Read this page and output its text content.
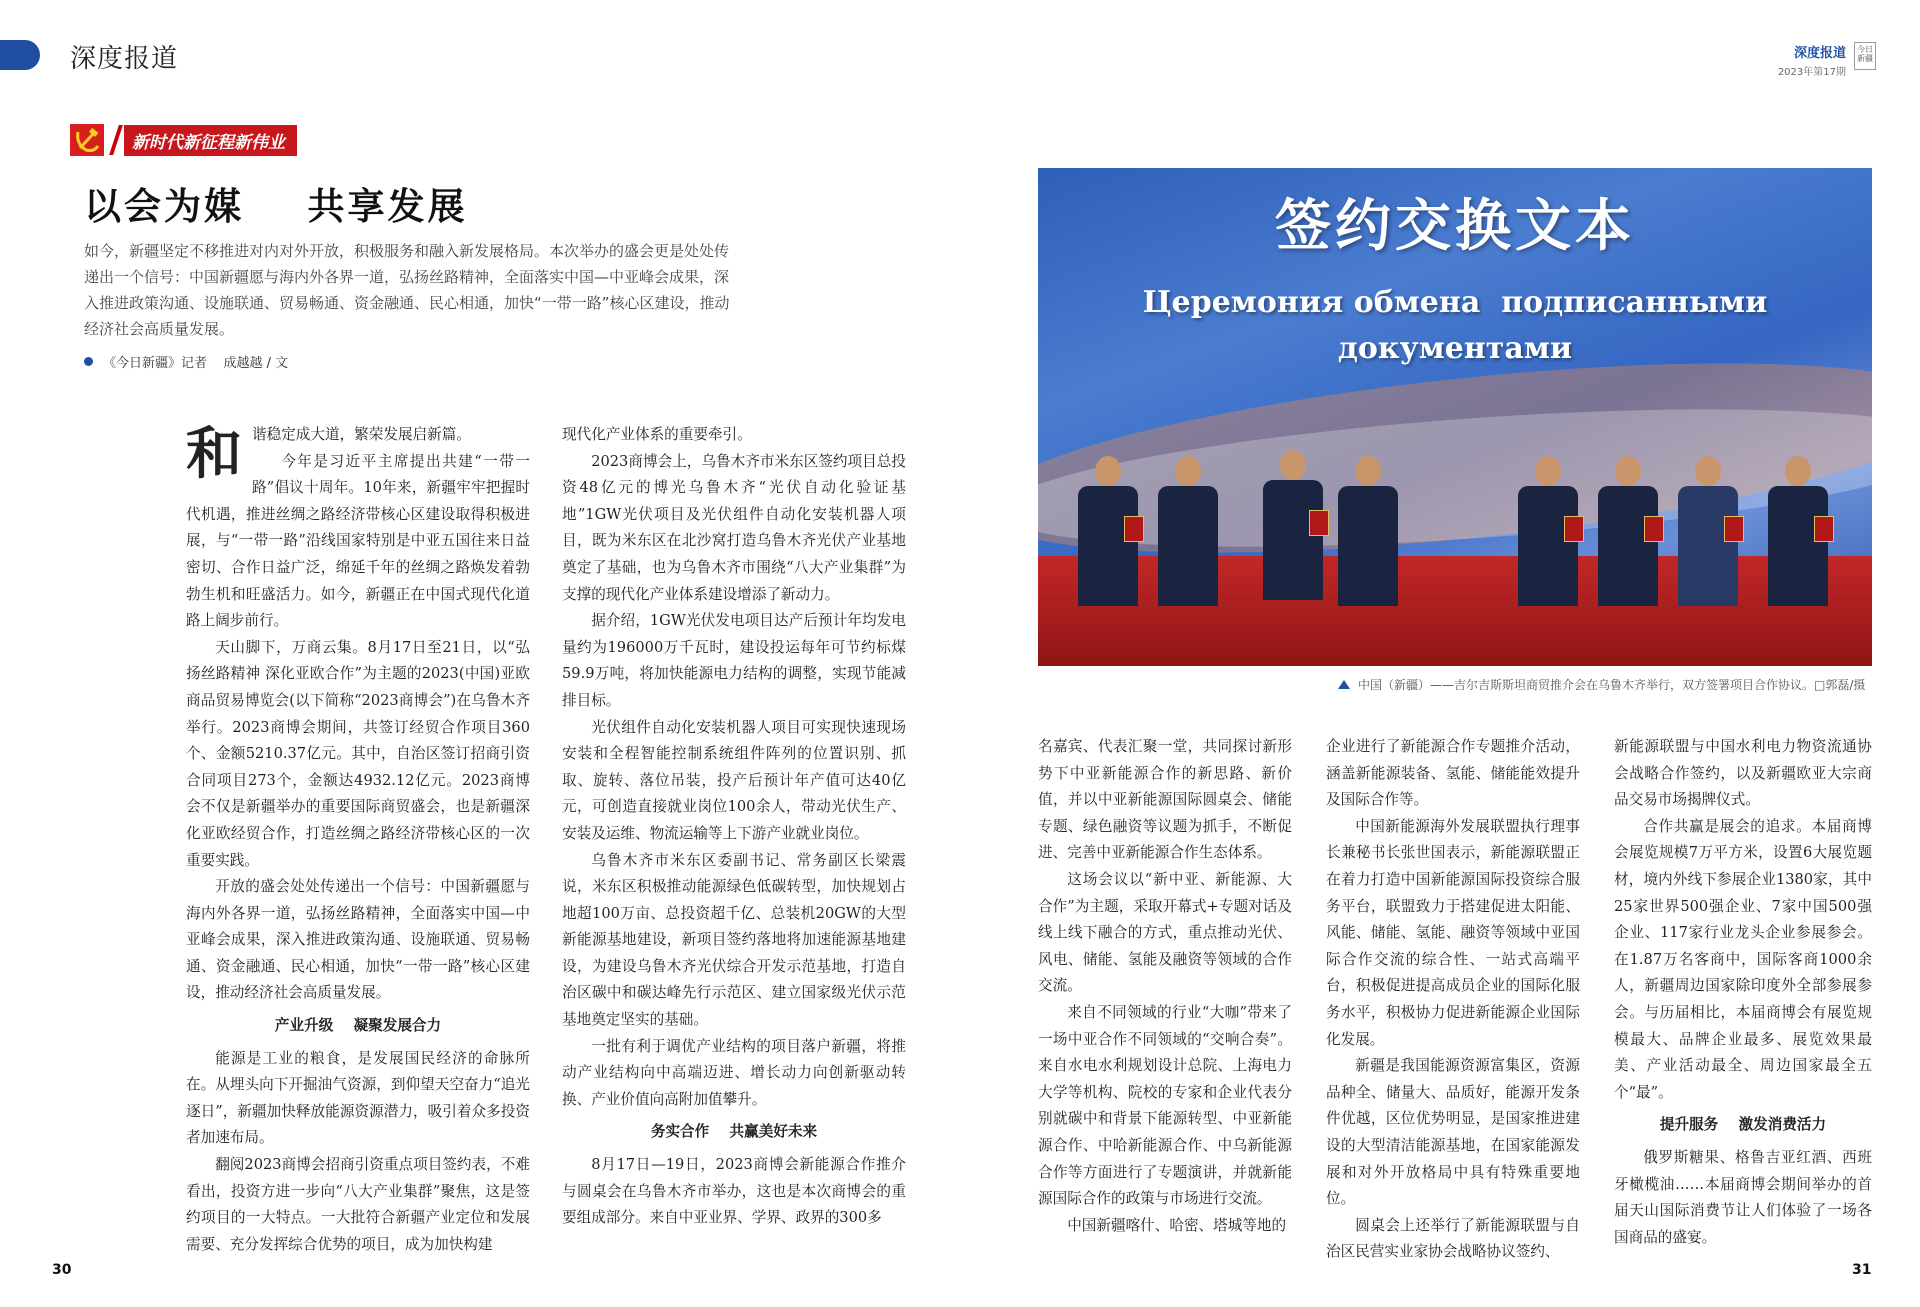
深度报道	深度报道
2023年第17期
今日新疆
新时代新征程新伟业
以会为媒    共享发展
如今，新疆坚定不移推进对内对外开放，积极服务和融入新发展格局。本次举办的盛会更是处处传递出一个信号：中国新疆愿与海内外各界一道，弘扬丝路精神，全面落实中国—中亚峰会成果，深入推进政策沟通、设施联通、贸易畅通、资金融通、民心相通，加快“一带一路”核心区建设，推动经济社会高质量发展。
《今日新疆》记者    成越越 / 文
和 谐稳定成大道，繁荣发展启新篇。

今年是习近平主席提出共建“一带一路”倡议十周年。10年来，新疆牢牢把握时代机遇，推进丝绸之路经济带核心区建设取得积极进展，与“一带一路”沿线国家特别是中亚五国往来日益密切、合作日益广泛，绵延千年的丝绸之路焕发着勃勃生机和旺盛活力。如今，新疆正在中国式现代化道路上阔步前行。

天山脚下，万商云集。8月17日至21日，以“弘扬丝路精神 深化亚欧合作”为主题的2023(中国)亚欧商品贸易博览会(以下简称“2023商博会”)在乌鲁木齐举行。2023商博会期间，共签订经贸合作项目360个、金额5210.37亿元。其中，自治区签订招商引资合同项目273个，金额达4932.12亿元。2023商博会不仅是新疆举办的重要国际商贸盛会，也是新疆深化亚欧经贸合作，打造丝绸之路经济带核心区的一次重要实践。

开放的盛会处处传递出一个信号：中国新疆愿与海内外各界一道，弘扬丝路精神，全面落实中国—中亚峰会成果，深入推进政策沟通、设施联通、贸易畅通、资金融通、民心相通，加快“一带一路”核心区建设，推动经济社会高质量发展。

产业升级    凝聚发展合力

能源是工业的粮食，是发展国民经济的命脉所在。从埋头向下开掘油气资源，到仰望天空奋力“追光逐日”，新疆加快释放能源资源潜力，吸引着众多投资者加速布局。

翻阅2023商博会招商引资重点项目签约表，不难看出，投资方进一步向“八大产业集群”聚焦，这是签约项目的一大特点。一大批符合新疆产业定位和发展需要、充分发挥综合优势的项目，成为加快构建

现代化产业体系的重要牵引。

2023商博会上，乌鲁木齐市米东区签约项目总投资48亿元的博光乌鲁木齐“光伏自动化验证基地”1GW光伏项目及光伏组件自动化安装机器人项目，既为米东区在北沙窝打造乌鲁木齐光伏产业基地奠定了基础，也为乌鲁木齐市围绕“八大产业集群”为支撑的现代化产业体系建设增添了新动力。

据介绍，1GW光伏发电项目达产后预计年均发电量约为196000万千瓦时，建设投运每年可节约标煤59.9万吨，将加快能源电力结构的调整，实现节能减排目标。

光伏组件自动化安装机器人项目可实现快速现场安装和全程智能控制系统组件阵列的位置识别、抓取、旋转、落位吊装，投产后预计年产值可达40亿元，可创造直接就业岗位100余人，带动光伏生产、安装及运维、物流运输等上下游产业就业岗位。

乌鲁木齐市米东区委副书记、常务副区长梁震说，米东区积极推动能源绿色低碳转型，加快规划占地超100万亩、总投资超千亿、总装机20GW的大型新能源基地建设，新项目签约落地将加速能源基地建设，为建设乌鲁木齐光伏综合开发示范基地，打造自治区碳中和碳达峰先行示范区、建立国家级光伏示范基地奠定坚实的基础。

一批有利于调优产业结构的项目落户新疆，将推动产业结构向中高端迈进、增长动力向创新驱动转换、产业价值向高附加值攀升。

务实合作    共赢美好未来

8月17日—19日，2023商博会新能源合作推介与圆桌会在乌鲁木齐市举办，这也是本次商博会的重要组成部分。来自中亚业界、学界、政界的300多

签约交换文本
Церемония обмена  подписанными
документами
中国（新疆）——吉尔吉斯斯坦商贸推介会在乌鲁木齐举行，双方签署项目合作协议。□郭磊/摄

名嘉宾、代表汇聚一堂，共同探讨新形势下中亚新能源合作的新思路、新价值，并以中亚新能源国际圆桌会、储能专题、绿色融资等议题为抓手，不断促进、完善中亚新能源合作生态体系。

这场会议以“新中亚、新能源、大合作”为主题，采取开幕式+专题对话及线上线下融合的方式，重点推动光伏、风电、储能、氢能及融资等领域的合作交流。

来自不同领域的行业“大咖”带来了一场中亚合作不同领域的“交响合奏”。来自水电水利规划设计总院、上海电力大学等机构、院校的专家和企业代表分别就碳中和背景下能源转型、中亚新能源合作、中哈新能源合作、中乌新能源合作等方面进行了专题演讲，并就新能源国际合作的政策与市场进行交流。

中国新疆喀什、哈密、塔城等地的

企业进行了新能源合作专题推介活动，涵盖新能源装备、氢能、储能能效提升及国际合作等。

中国新能源海外发展联盟执行理事长兼秘书长张世国表示，新能源联盟正在着力打造中国新能源国际投资综合服务平台，联盟致力于搭建促进太阳能、风能、储能、氢能、融资等领域中亚国际合作交流的综合性、一站式高端平台，积极促进提高成员企业的国际化服务水平，积极协力促进新能源企业国际化发展。

新疆是我国能源资源富集区，资源品种全、储量大、品质好，能源开发条件优越，区位优势明显，是国家推进建设的大型清洁能源基地，在国家能源发展和对外开放格局中具有特殊重要地位。

圆桌会上还举行了新能源联盟与自治区民营实业家协会战略协议签约、

新能源联盟与中国水利电力物资流通协会战略合作签约，以及新疆欧亚大宗商品交易市场揭牌仪式。

合作共赢是展会的追求。本届商博会展览规模7万平方米，设置6大展览题材，境内外线下参展企业1380家，其中25家世界500强企业、7家中国500强企业、117家行业龙头企业参展参会。在1.87万名客商中，国际客商1000余人，新疆周边国家除印度外全部参展参会。与历届相比，本届商博会有展览规模最大、品牌企业最多、展览效果最美、产业活动最全、周边国家最全五个“最”。

提升服务    激发消费活力

俄罗斯糖果、格鲁吉亚红酒、西班牙橄榄油……本届商博会期间举办的首届天山国际消费节让人们体验了一场各国商品的盛宴。

30	31
